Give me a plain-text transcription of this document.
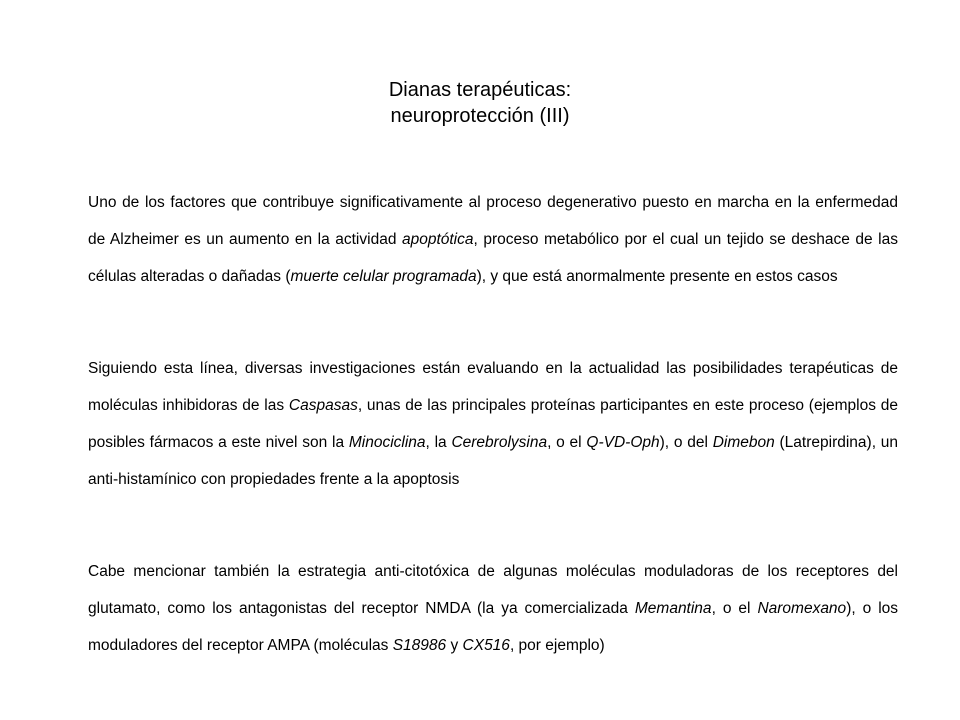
Dianas terapéuticas:
neuroprotección (III)

Uno de los factores que contribuye significativamente al proceso degenerativo puesto en marcha en la enfermedad de Alzheimer es un aumento en la actividad apoptótica, proceso metabólico por el cual un tejido se deshace de las células alteradas o dañadas (muerte celular programada), y que está anormalmente presente en estos casos

Siguiendo esta línea, diversas investigaciones están evaluando en la actualidad las posibilidades terapéuticas de moléculas inhibidoras de las Caspasas, unas de las principales proteínas participantes en este proceso (ejemplos de posibles fármacos a este nivel son la Minociclina, la Cerebrolysina, o el Q-VD-Oph), o del Dimebon (Latrepirdina), un anti-histamínico con propiedades frente a la apoptosis

Cabe mencionar también la estrategia anti-citotóxica de algunas moléculas moduladoras de los receptores del glutamato, como los antagonistas del receptor NMDA (la ya comercializada Memantina, o el Naromexano), o los moduladores del receptor AMPA (moléculas S18986 y CX516, por ejemplo)
